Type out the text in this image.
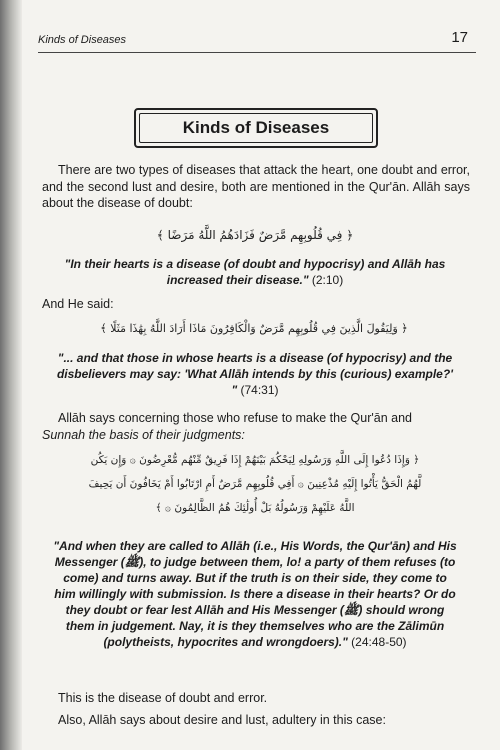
Kinds of Diseases	17
Kinds of Diseases
There are two types of diseases that attack the heart, one doubt and error, and the second lust and desire, both are mentioned in the Qur'ān. Allāh says about the disease of doubt:
﴿ فِي قُلُوبِهِم مَّرَضٌ فَزَادَهُمُ اللَّهُ مَرَضًا ﴾
"In their hearts is a disease (of doubt and hypocrisy) and Allāh has increased their disease." (2:10)
And He said:
﴿ وَلِيَقُولَ الَّذِينَ فِي قُلُوبِهِم مَّرَضٌ وَالْكَافِرُونَ مَاذَا أَرَادَ اللَّهُ بِهَٰذَا مَثَلًا ﴾
"... and that those in whose hearts is a disease (of hypocrisy) and the disbelievers may say: 'What Allāh intends by this (curious) example?' " (74:31)
Allāh says concerning those who refuse to make the Qur'ān and
Sunnah the basis of their judgments:
﴿ وَإِذَا دُعُوا إِلَى اللَّهِ وَرَسُولِهِ لِيَحْكُمَ بَيْنَهُمْ إِذَا فَرِيقٌ مِّنْهُم مُّعْرِضُونَ ۞ وَإِن يَكُن
لَّهُمُ الْحَقُّ يَأْتُوا إِلَيْهِ مُذْعِنِينَ ۞ أَفِي قُلُوبِهِم مَّرَضٌ أَمِ ارْتَابُوا أَمْ يَخَافُونَ أَن يَحِيفَ
اللَّهُ عَلَيْهِمْ وَرَسُولُهُ بَلْ أُولَٰئِكَ هُمُ الظَّالِمُونَ ۞ ﴾
"And when they are called to Allāh (i.e., His Words, the Qur'ān) and His Messenger (ﷺ), to judge between them, lo! a party of them refuses (to come) and turns away. But if the truth is on their side, they come to him willingly with submission. Is there a disease in their hearts? Or do they doubt or fear lest Allāh and His Messenger (ﷺ) should wrong them in judgement. Nay, it is they themselves who are the Zālimūn (polytheists, hypocrites and wrongdoers)." (24:48-50)
This is the disease of doubt and error.
Also, Allāh says about desire and lust, adultery in this case:
